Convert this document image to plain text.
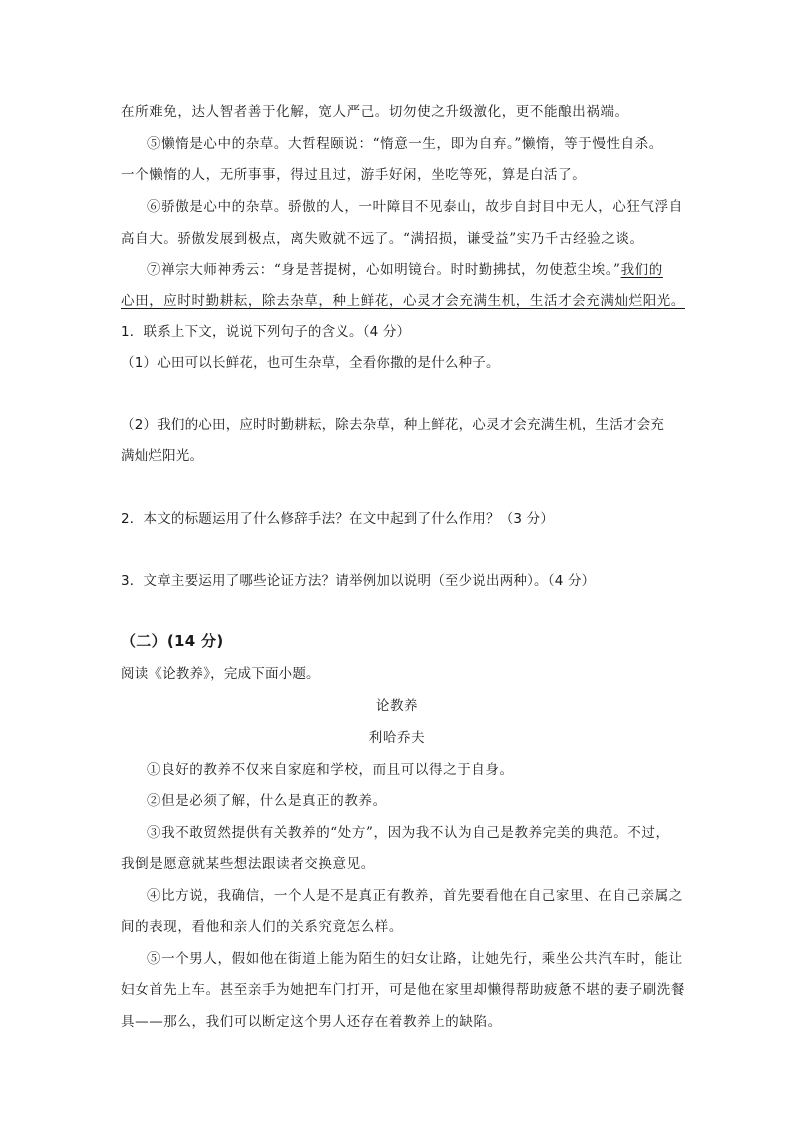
在所难免，达人智者善于化解，宽人严己。切勿使之升级激化，更不能酿出祸端。
⑤懒惰是心中的杂草。大哲程颐说：“惰意一生，即为自弃。”懒惰，等于慢性自杀。
一个懒惰的人，无所事事，得过且过，游手好闲，坐吃等死，算是白活了。
⑥骄傲是心中的杂草。骄傲的人，一叶障目不见泰山，故步自封目中无人，心狂气浮自
高自大。骄傲发展到极点，离失败就不远了。“满招损，谦受益”实乃千古经验之谈。
⑦禅宗大师神秀云：“身是菩提树，心如明镜台。时时勤拂拭，勿使惹尘埃。”我们的
心田，应时时勤耕耘，除去杂草，种上鲜花，心灵才会充满生机，生活才会充满灿烂阳光。
1．联系上下文，说说下列句子的含义。（4 分）
（1）心田可以长鲜花，也可生杂草，全看你撒的是什么种子。
（2）我们的心田，应时时勤耕耘，除去杂草，种上鲜花，心灵才会充满生机，生活才会充
满灿烂阳光。
2．本文的标题运用了什么修辞手法？在文中起到了什么作用？（3 分）
3．文章主要运用了哪些论证方法？请举例加以说明（至少说出两种）。（4 分）
（二）(14 分)
阅读《论教养》，完成下面小题。
论教养
利哈乔夫
①良好的教养不仅来自家庭和学校，而且可以得之于自身。
②但是必须了解，什么是真正的教养。
③我不敢贸然提供有关教养的“处方”，因为我不认为自己是教养完美的典范。不过，
我倒是愿意就某些想法跟读者交换意见。
④比方说，我确信，一个人是不是真正有教养，首先要看他在自己家里、在自己亲属之
间的表现，看他和亲人们的关系究竟怎么样。
⑤一个男人，假如他在街道上能为陌生的妇女让路，让她先行，乘坐公共汽车时，能让
妇女首先上车。甚至亲手为她把车门打开，可是他在家里却懒得帮助疲惫不堪的妻子刷洗餐
具——那么，我们可以断定这个男人还存在着教养上的缺陷。
